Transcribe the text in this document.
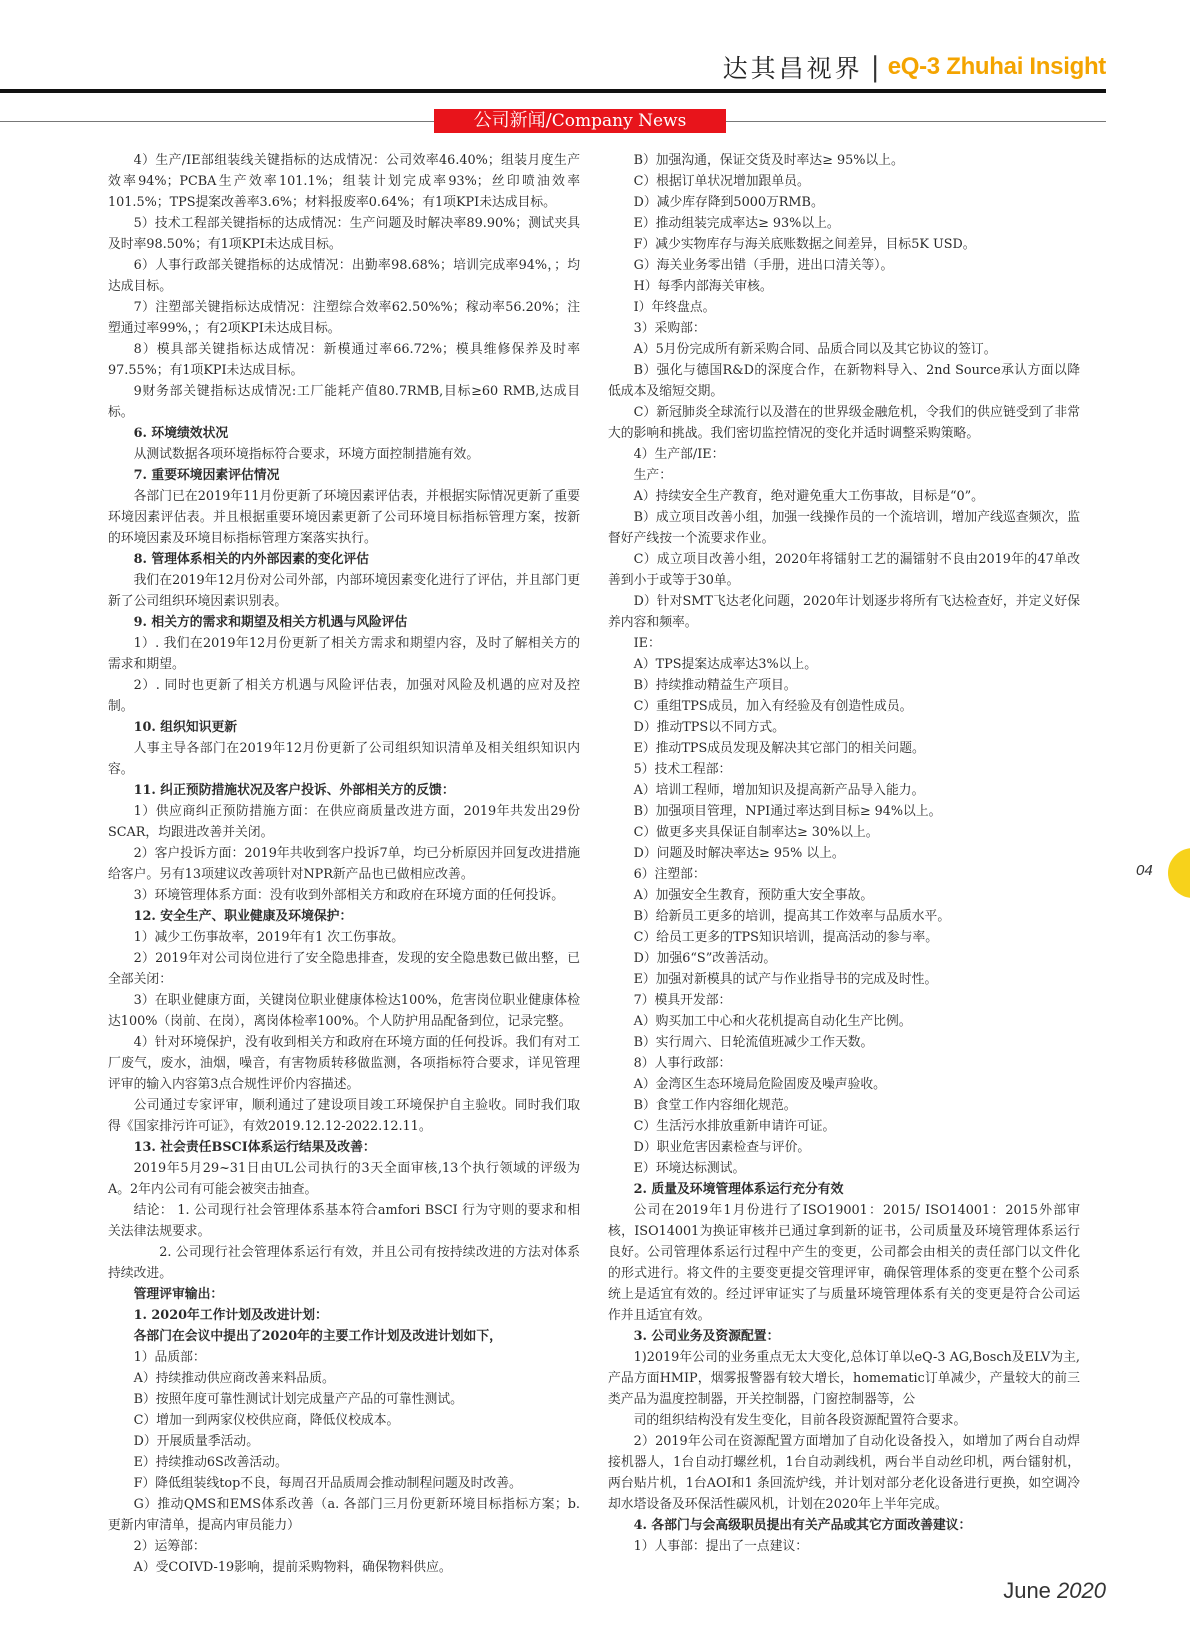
达其昌视界 | eQ-3 Zhuhai Insight
公司新闻/Company News

4）生产/IE部组装线关键指标的达成情况：公司效率46.40%；组装月度生产效率94%；PCBA生产效率101.1%；组装计划完成率93%；丝印喷油效率101.5%；TPS提案改善率3.6%；材料报废率0.64%；有1项KPI未达成目标。

5）技术工程部关键指标的达成情况：生产问题及时解决率89.90%；测试夹具及时率98.50%；有1项KPI未达成目标。

6）人事行政部关键指标的达成情况：出勤率98.68%；培训完成率94%，；均达成目标。

7）注塑部关键指标达成情况：注塑综合效率62.50%%；稼动率56.20%；注塑通过率99%，；有2项KPI未达成目标。

8）模具部关键指标达成情况：新模通过率66.72%；模具维修保养及时率97.55%；有1项KPI未达成目标。

9财务部关键指标达成情况:工厂能耗产值80.7RMB,目标≥60 RMB,达成目标。

6. 环境绩效状况

从测试数据各项环境指标符合要求，环境方面控制措施有效。

7. 重要环境因素评估情况

各部门已在2019年11月份更新了环境因素评估表，并根据实际情况更新了重要环境因素评估表。并且根据重要环境因素更新了公司环境目标指标管理方案，按新的环境因素及环境目标指标管理方案落实执行。

8. 管理体系相关的内外部因素的变化评估

我们在2019年12月份对公司外部，内部环境因素变化进行了评估，并且部门更新了公司组织环境因素识别表。

9. 相关方的需求和期望及相关方机遇与风险评估

1）. 我们在2019年12月份更新了相关方需求和期望内容，及时了解相关方的需求和期望。

2）. 同时也更新了相关方机遇与风险评估表，加强对风险及机遇的应对及控制。

10. 组织知识更新

人事主导各部门在2019年12月份更新了公司组织知识清单及相关组织知识内容。

11. 纠正预防措施状况及客户投诉、外部相关方的反馈：

1）供应商纠正预防措施方面：在供应商质量改进方面，2019年共发出29份SCAR，均跟进改善并关闭。

2）客户投诉方面：2019年共收到客户投诉7单，均已分析原因并回复改进措施给客户。另有13项建议改善项针对NPR新产品也已做相应改善。

3）环境管理体系方面：没有收到外部相关方和政府在环境方面的任何投诉。

12. 安全生产、职业健康及环境保护：

1）减少工伤事故率，2019年有1 次工伤事故。

2）2019年对公司岗位进行了安全隐患排查，发现的安全隐患数已做出整，已全部关闭：

3）在职业健康方面，关键岗位职业健康体检达100%，危害岗位职业健康体检达100%（岗前、在岗），离岗体检率100%。个人防护用品配备到位，记录完整。

4）针对环境保护，没有收到相关方和政府在环境方面的任何投诉。我们有对工厂废气，废水，油烟，噪音，有害物质转移做监测，各项指标符合要求，详见管理评审的输入内容第3点合规性评价内容描述。

公司通过专家评审，顺利通过了建设项目竣工环境保护自主验收。同时我们取得《国家排污许可证》，有效2019.12.12-2022.12.11。

13. 社会责任BSCI体系运行结果及改善：

2019年5月29~31日由UL公司执行的3天全面审核,13个执行领域的评级为A。2年内公司有可能会被突击抽查。

结论： 1. 公司现行社会管理体系基本符合amfori BSCI 行为守则的要求和相关法律法规要求。

2. 公司现行社会管理体系运行有效，并且公司有按持续改进的方法对体系持续改进。

管理评审输出：

1. 2020年工作计划及改进计划：

各部门在会议中提出了2020年的主要工作计划及改进计划如下，

1）品质部：

A）持续推动供应商改善来料品质。

B）按照年度可靠性测试计划完成量产产品的可靠性测试。

C）增加一到两家仪校供应商，降低仪校成本。

D）开展质量季活动。

E）持续推动6S改善活动。

F）降低组装线top不良，每周召开品质周会推动制程问题及时改善。

G）推动QMS和EMS体系改善（a. 各部门三月份更新环境目标指标方案；b. 更新内审清单，提高内审员能力）

2）运筹部：

A）受COIVD-19影响，提前采购物料，确保物料供应。

B）加强沟通，保证交货及时率达≥ 95%以上。

C）根据订单状况增加跟单员。

D）减少库存降到5000万RMB。

E）推动组装完成率达≥ 93%以上。

F）减少实物库存与海关底账数据之间差异，目标5K USD。

G）海关业务零出错（手册，进出口清关等）。

H）每季内部海关审核。

I）年终盘点。

3）采购部：

A）5月份完成所有新采购合同、品质合同以及其它协议的签订。

B）强化与德国R&D的深度合作，在新物料导入、2nd Source承认方面以降低成本及缩短交期。

C）新冠肺炎全球流行以及潜在的世界级金融危机，令我们的供应链受到了非常大的影响和挑战。我们密切监控情况的变化并适时调整采购策略。

4）生产部/IE：

生产：

A）持续安全生产教育，绝对避免重大工伤事故，目标是“0”。

B）成立项目改善小组，加强一线操作员的一个流培训，增加产线巡查频次，监督好产线按一个流要求作业。

C）成立项目改善小组，2020年将镭射工艺的漏镭射不良由2019年的47单改善到小于或等于30单。

D）针对SMT飞达老化问题，2020年计划逐步将所有飞达检查好，并定义好保养内容和频率。

IE：

A）TPS提案达成率达3%以上。

B）持续推动精益生产项目。

C）重组TPS成员，加入有经验及有创造性成员。

D）推动TPS以不同方式。

E）推动TPS成员发现及解决其它部门的相关问题。

5）技术工程部：

A）培训工程师，增加知识及提高新产品导入能力。

B）加强项目管理，NPI通过率达到目标≥ 94%以上。

C）做更多夹具保证自制率达≥ 30%以上。

D）问题及时解决率达≥ 95% 以上。

6）注塑部：

A）加强安全生教育，预防重大安全事故。

B）给新员工更多的培训，提高其工作效率与品质水平。

C）给员工更多的TPS知识培训，提高活动的参与率。

D）加强6“S”改善活动。

E）加强对新模具的试产与作业指导书的完成及时性。

7）模具开发部：

A）购买加工中心和火花机提高自动化生产比例。

B）实行周六、日轮流值班减少工作天数。

8）人事行政部：

A）金湾区生态环境局危险固废及噪声验收。

B）食堂工作内容细化规范。

C）生活污水排放重新申请许可证。

D）职业危害因素检查与评价。

E）环境达标测试。

2. 质量及环境管理体系运行充分有效

公司在2019年1月份进行了ISO19001：2015/ ISO14001：2015外部审核，ISO14001为换证审核并已通过拿到新的证书，公司质量及环境管理体系运行良好。公司管理体系运行过程中产生的变更，公司都会由相关的责任部门以文件化的形式进行。将文件的主要变更提交管理评审，确保管理体系的变更在整个公司系统上是适宜有效的。经过评审证实了与质量环境管理体系有关的变更是符合公司运作并且适宜有效。

3. 公司业务及资源配置：

1)2019年公司的业务重点无太大变化,总体订单以eQ-3 AG,Bosch及ELV为主,产品方面HMIP，烟雾报警器有较大增长，homematic订单减少，产量较大的前三类产品为温度控制器，开关控制器，门窗控制器等，公

司的组织结构没有发生变化，目前各段资源配置符合要求。

2）2019年公司在资源配置方面增加了自动化设备投入，如增加了两台自动焊接机器人，1台自动打螺丝机，1台自动剥线机，两台半自动丝印机，两台镭射机，两台贴片机，1台AOI和1 条回流炉线，并计划对部分老化设备进行更换，如空调冷却水塔设备及环保活性碳风机，计划在2020年上半年完成。

4. 各部门与会高级职员提出有关产品或其它方面改善建议：

1）人事部：提出了一点建议：

04
June 2020
